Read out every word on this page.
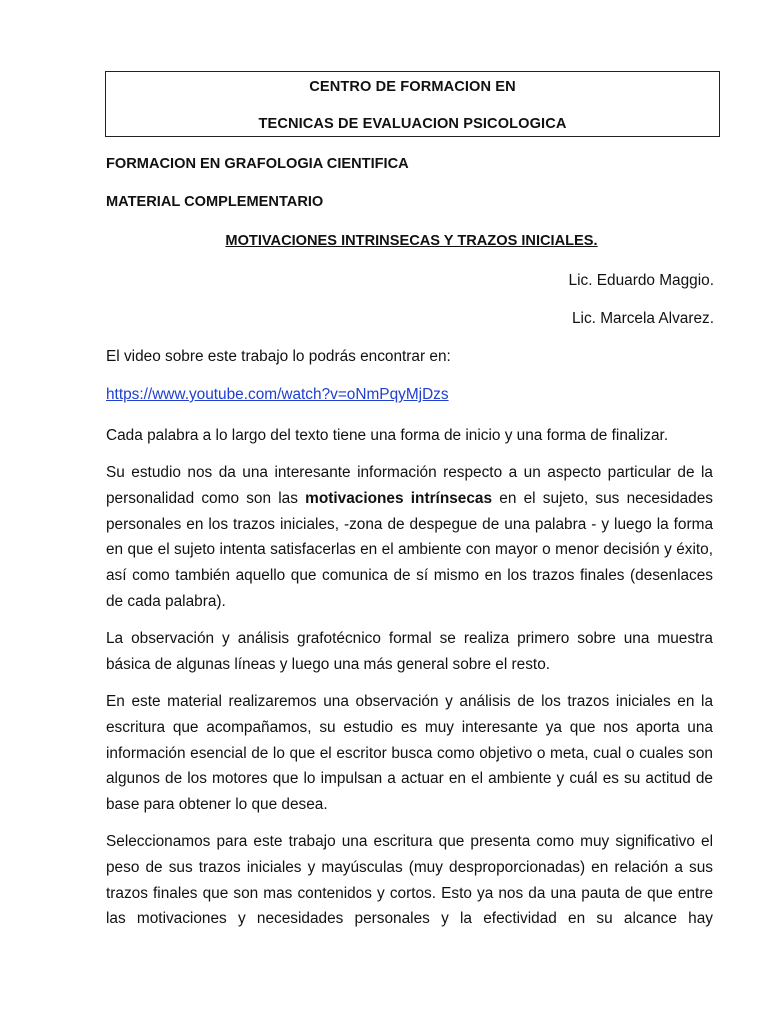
CENTRO DE FORMACION EN
TECNICAS DE EVALUACION PSICOLOGICA
FORMACION EN GRAFOLOGIA CIENTIFICA
MATERIAL COMPLEMENTARIO
MOTIVACIONES INTRINSECAS Y TRAZOS INICIALES.
Lic. Eduardo Maggio.
Lic. Marcela Alvarez.
El video sobre este trabajo lo podrás encontrar en:
https://www.youtube.com/watch?v=oNmPqyMjDzs

Cada palabra a lo largo del texto tiene una forma de inicio y una forma de finalizar.

Su estudio nos da una interesante información respecto a un aspecto particular de la personalidad como son las motivaciones intrínsecas en el sujeto, sus necesidades personales en los trazos iniciales, -zona de despegue de una palabra - y luego la forma en que el sujeto intenta satisfacerlas en el ambiente con mayor o menor decisión y éxito, así como también aquello que comunica de sí mismo en los trazos finales (desenlaces de cada palabra).

La observación y análisis grafotécnico formal se realiza primero sobre una muestra básica de algunas líneas y luego una más general sobre el resto.

En este material realizaremos una observación y análisis de los trazos iniciales en la escritura que acompañamos, su estudio es muy interesante ya que nos aporta una información esencial de lo que el escritor busca como objetivo o meta, cual o cuales son algunos de los motores que lo impulsan a actuar en el ambiente y cuál es su actitud de base para obtener lo que desea.

Seleccionamos para este trabajo una escritura que presenta como muy significativo el peso de sus trazos iniciales y mayúsculas (muy desproporcionadas) en relación a sus trazos finales que son mas contenidos y cortos. Esto ya nos da una pauta de que entre las motivaciones y necesidades personales y la efectividad en su alcance hay
